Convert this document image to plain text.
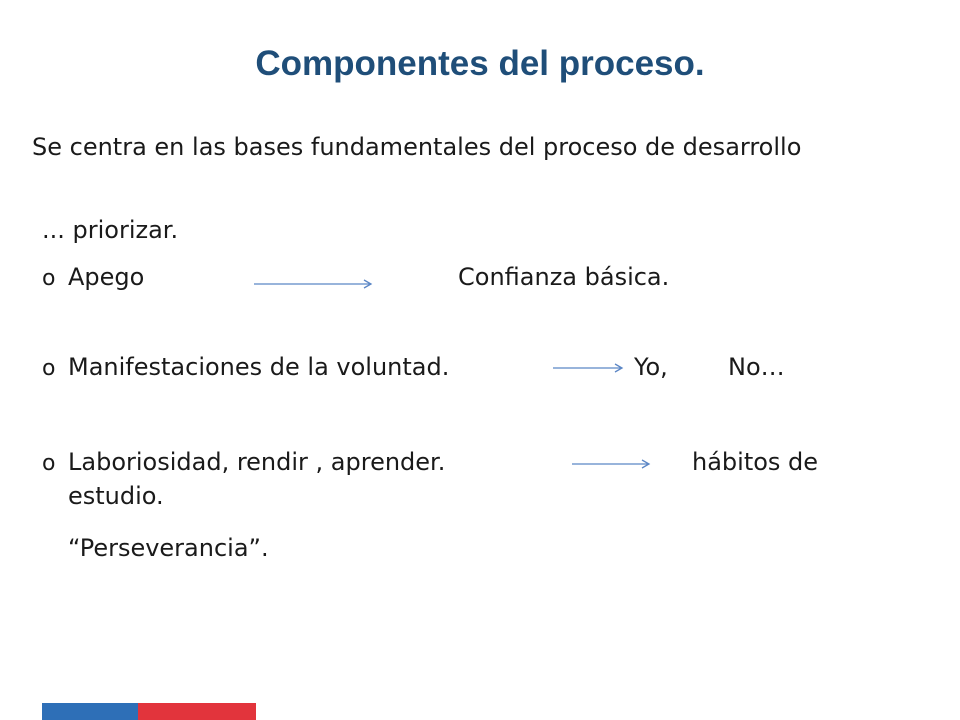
Componentes del proceso.
Se centra en las bases fundamentales del proceso de desarrollo
... priorizar.
o Apego	Confianza básica.
o Manifestaciones de la voluntad.	Yo,	No…
o Laboriosidad, rendir , aprender.	hábitos de
estudio.
“Perseverancia”.
